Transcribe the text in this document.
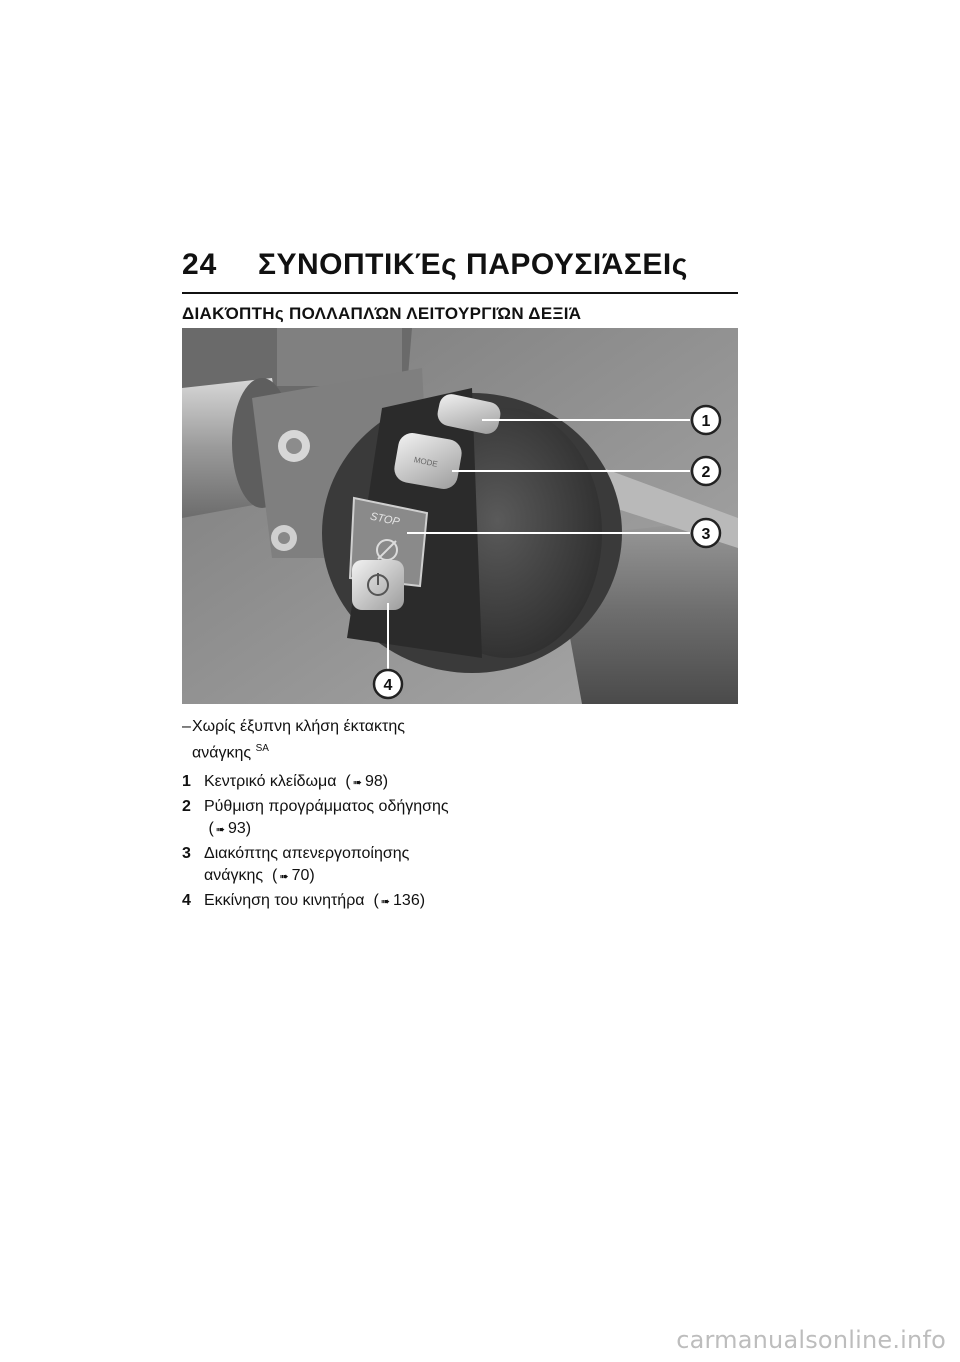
24 ΣΥΝΟΠΤΙΚΈς ΠΑΡΟΥΣΙΆΣΕΙς
ΔΙΑΚΌΠΤΗς ΠΟΛΛΑΠΛΏΝ ΛΕΙΤΟΥΡΓΙΏΝ ΔΕΞΙΆ
MODE
STOP
1
2
3
4
– Χωρίς έξυπνη κλήση έκτακτης ανάγκης $^{SA}$
1 Κεντρικό κλείδωμα  ( ➠ 98)
2 Ρύθμιση προγράμματος οδήγησης  ( ➠ 93)
3 Διακόπτης απενεργοποίησης ανάγκης  ( ➠ 70)
4 Εκκίνηση του κινητήρα  ( ➠ 136)
carmanualsonline.info
